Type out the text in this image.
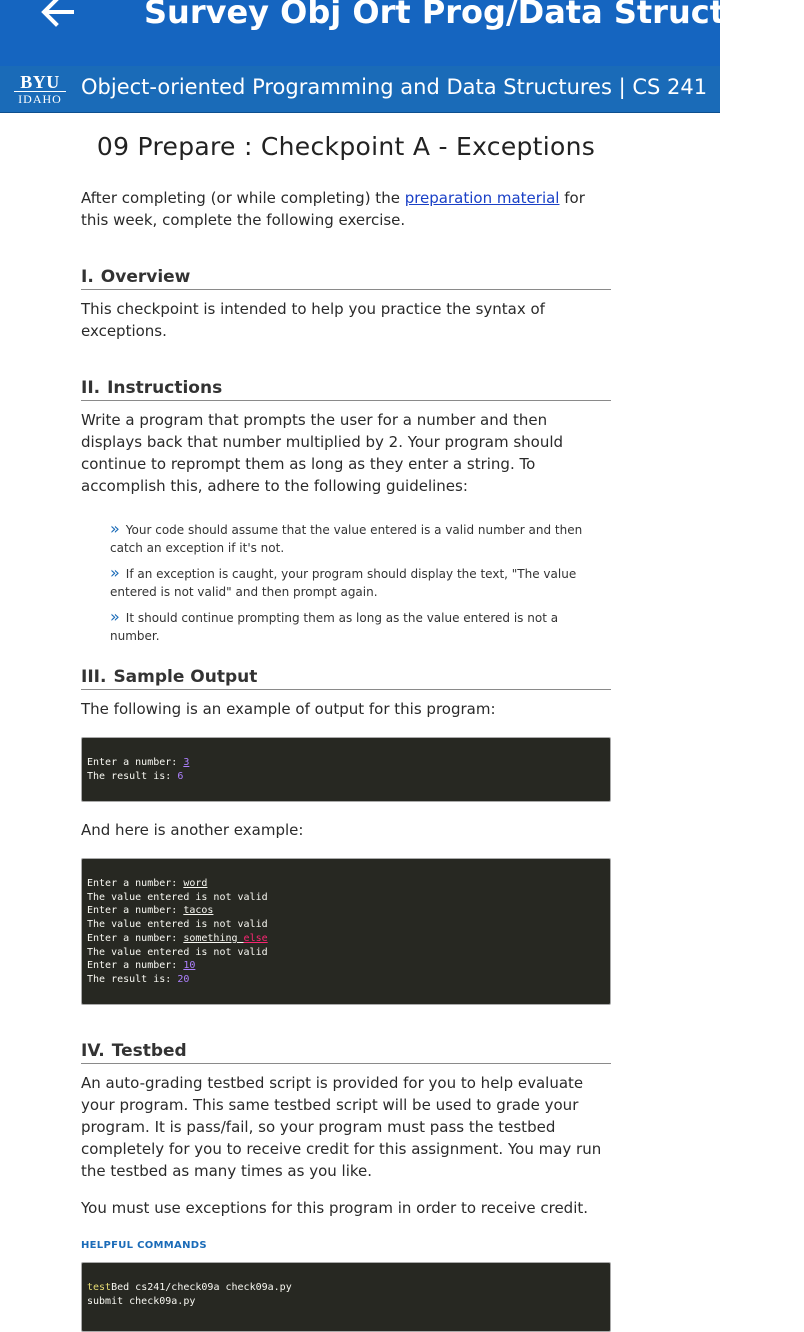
Survey Obj Ort Prog/Data Structures
BYU
IDAHO Object-oriented Programming and Data Structures | CS 241
09 Prepare : Checkpoint A - Exceptions

After completing (or while completing) the preparation material for this week, complete the following exercise.

I. Overview

This checkpoint is intended to help you practice the syntax of exceptions.

II. Instructions

Write a program that prompts the user for a number and then displays back that number multiplied by 2. Your program should continue to reprompt them as long as they enter a string. To accomplish this, adhere to the following guidelines:

» Your code should assume that the value entered is a valid number and then catch an exception if it's not.
» If an exception is caught, your program should display the text, "The value entered is not valid" and then prompt again.
» It should continue prompting them as long as the value entered is not a number.
III. Sample Output

The following is an example of output for this program:

Enter a number: 3
The result is: 6

And here is another example:

Enter a number: word
The value entered is not valid
Enter a number: tacos
The value entered is not valid
Enter a number: something else
The value entered is not valid
Enter a number: 10
The result is: 20
IV. Testbed

An auto-grading testbed script is provided for you to help evaluate your program. This same testbed script will be used to grade your program. It is pass/fail, so your program must pass the testbed completely for you to receive credit for this assignment. You may run the testbed as many times as you like.

You must use exceptions for this program in order to receive credit.

HELPFUL COMMANDS
testBed cs241/check09a check09a.py
submit check09a.py
